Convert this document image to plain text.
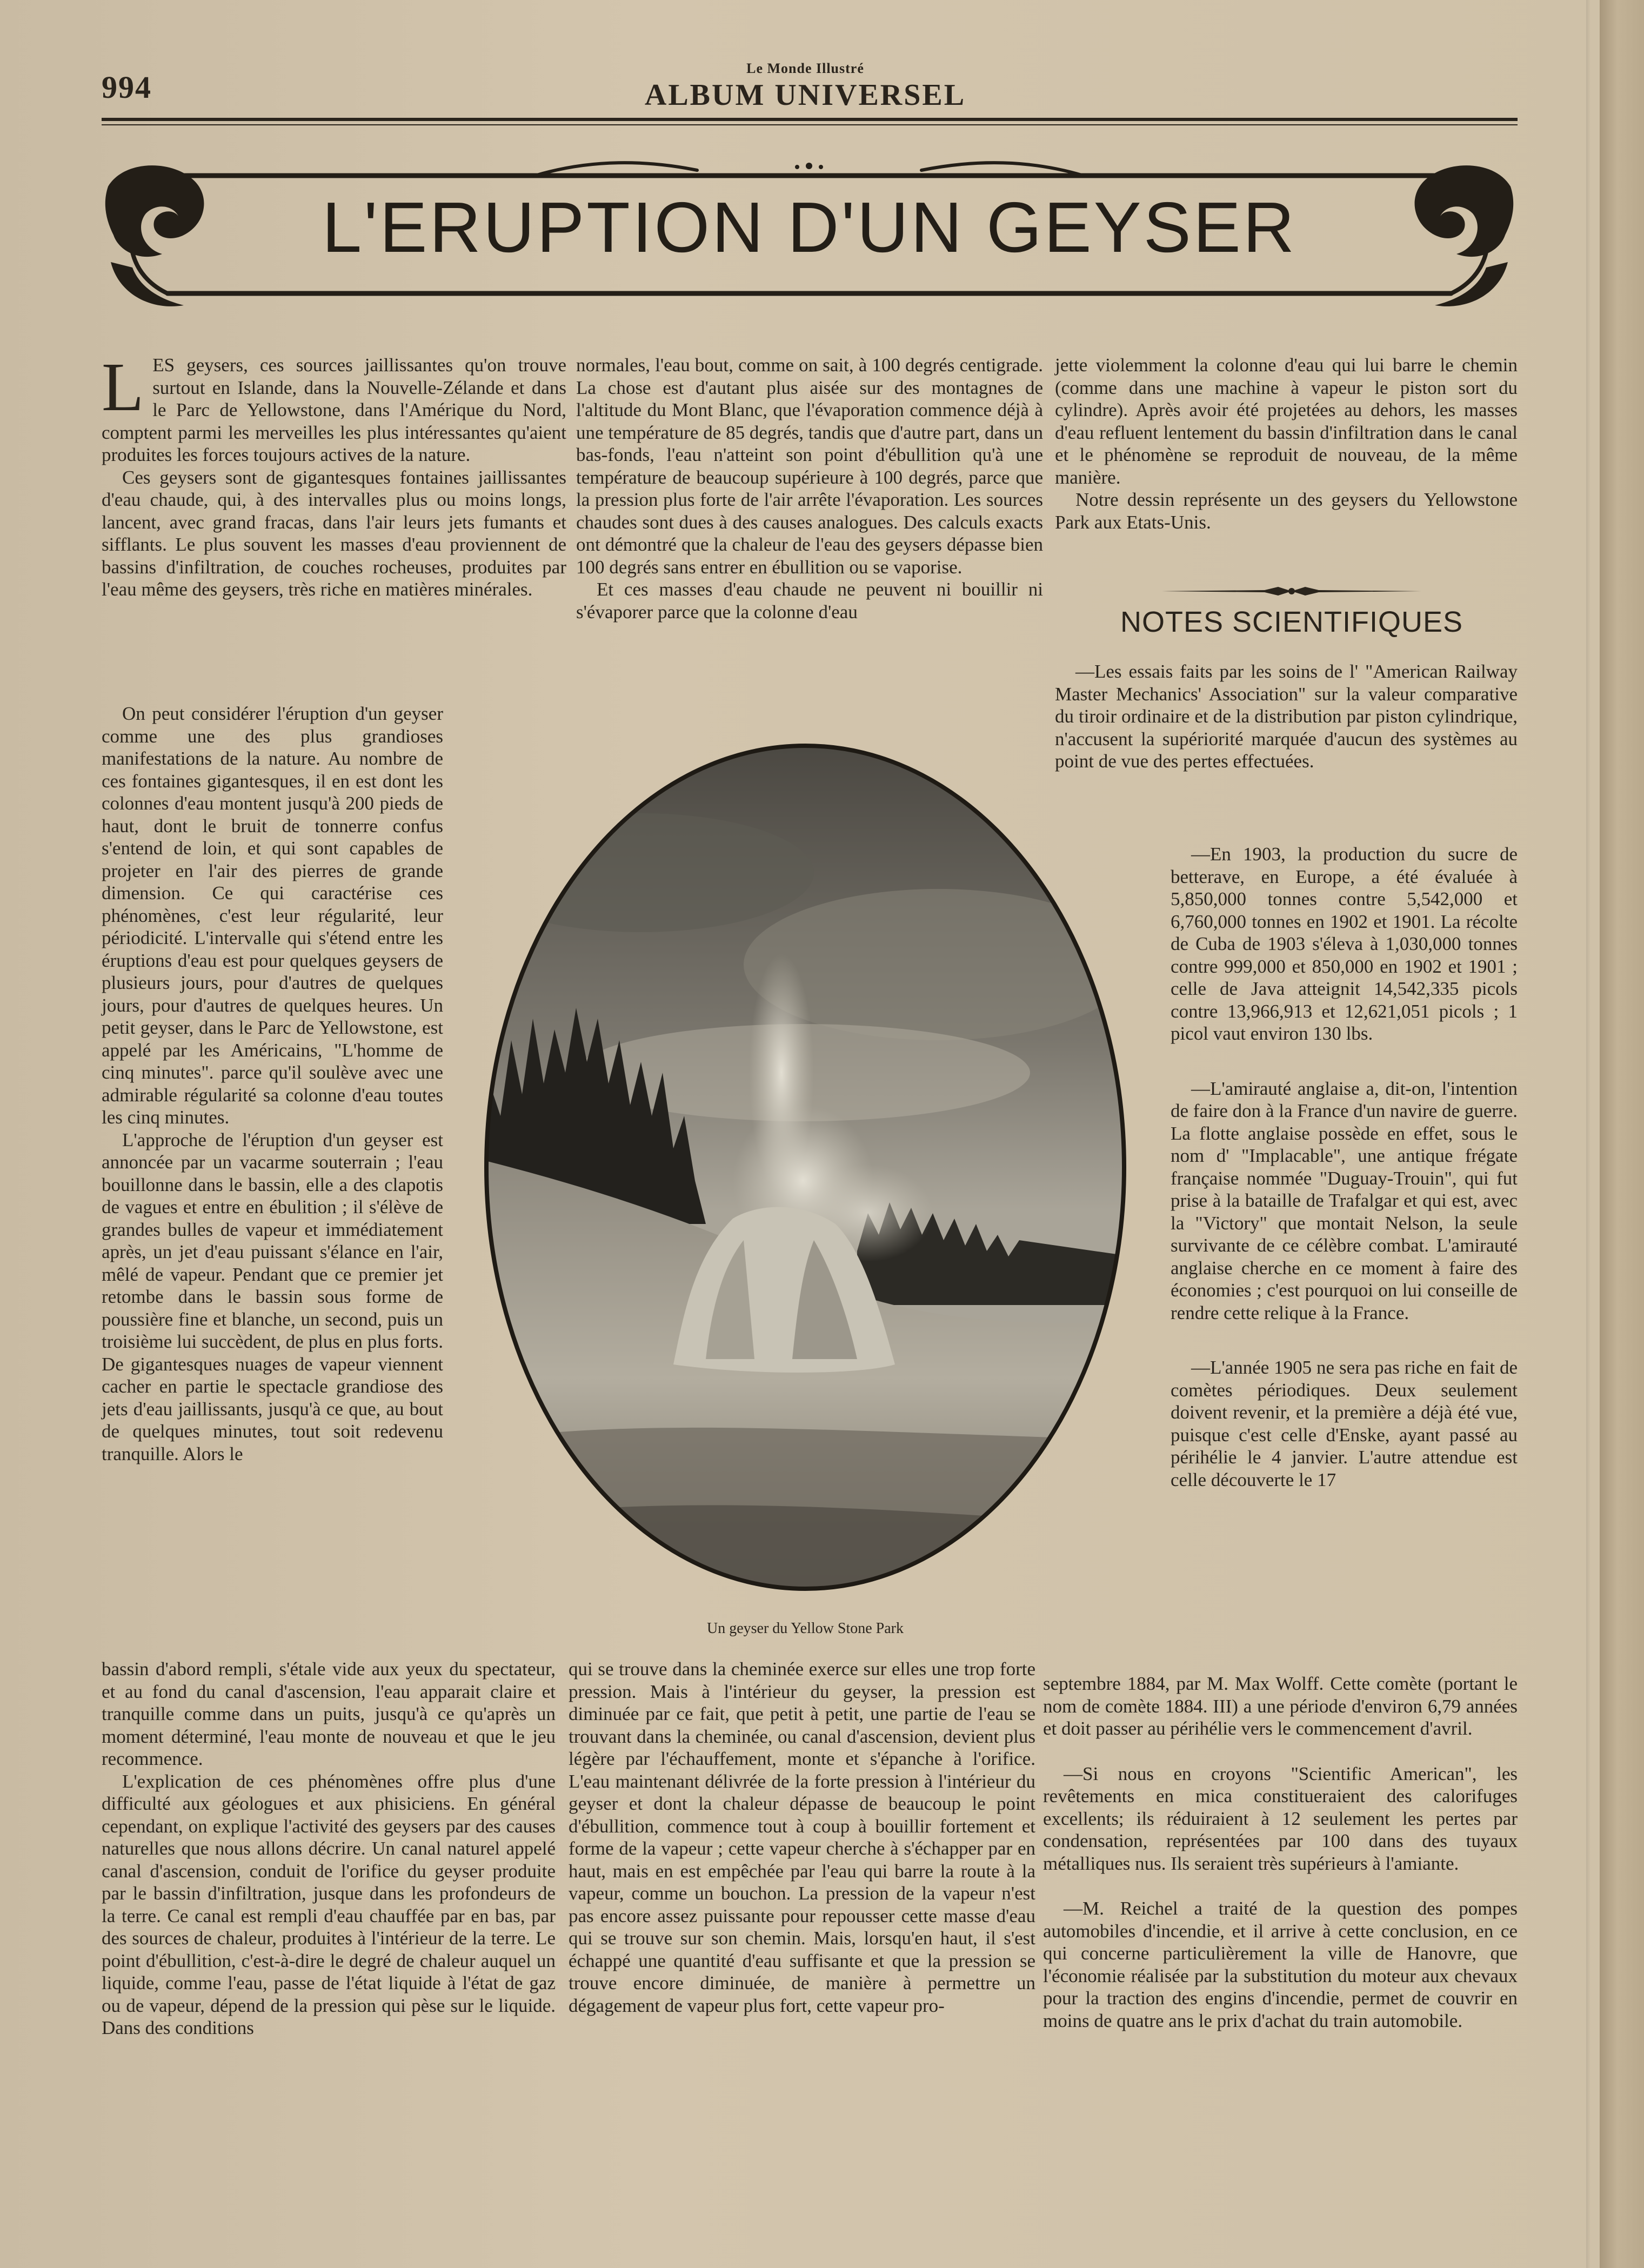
994
Le Monde Illustré
ALBUM UNIVERSEL
L'ERUPTION D'UN GEYSER

LES geysers, ces sources jaillissantes qu'on trouve surtout en Islande, dans la Nouvelle-Zélande et dans le Parc de Yellowstone, dans l'Amérique du Nord, comptent parmi les merveilles les plus intéressantes qu'aient produites les forces toujours actives de la nature.

Ces geysers sont de gigantesques fontaines jaillissantes d'eau chaude, qui, à des intervalles plus ou moins longs, lancent, avec grand fracas, dans l'air leurs jets fumants et sifflants. Le plus souvent les masses d'eau proviennent de bassins d'infiltration, de couches rocheuses, produites par l'eau même des geysers, très riche en matières minérales.

On peut considérer l'éruption d'un geyser comme une des plus grandioses manifestations de la nature. Au nombre de ces fontaines gigantesques, il en est dont les colonnes d'eau montent jusqu'à 200 pieds de haut, dont le bruit de tonnerre confus s'entend de loin, et qui sont capables de projeter en l'air des pierres de grande dimension. Ce qui caractérise ces phénomènes, c'est leur régularité, leur périodicité. L'intervalle qui s'étend entre les éruptions d'eau est pour quelques geysers de plusieurs jours, pour d'autres de quelques jours, pour d'autres de quelques heures. Un petit geyser, dans le Parc de Yellowstone, est appelé par les Américains, "L'homme de cinq minutes". parce qu'il soulève avec une admirable régularité sa colonne d'eau toutes les cinq minutes.

L'approche de l'éruption d'un geyser est annoncée par un vacarme souterrain ; l'eau bouillonne dans le bassin, elle a des clapotis de vagues et entre en ébulition ; il s'élève de grandes bulles de vapeur et immédiatement après, un jet d'eau puissant s'élance en l'air, mêlé de vapeur. Pendant que ce premier jet retombe dans le bassin sous forme de poussière fine et blanche, un second, puis un troisième lui succèdent, de plus en plus forts. De gigantesques nuages de vapeur viennent cacher en partie le spectacle grandiose des jets d'eau jaillissants, jusqu'à ce que, au bout de quelques minutes, tout soit redevenu tranquille. Alors le

bassin d'abord rempli, s'étale vide aux yeux du spectateur, et au fond du canal d'ascension, l'eau apparait claire et tranquille comme dans un puits, jusqu'à ce qu'après un moment déterminé, l'eau monte de nouveau et que le jeu recommence.

L'explication de ces phénomènes offre plus d'une difficulté aux géologues et aux phisiciens. En général cependant, on explique l'activité des geysers par des causes naturelles que nous allons décrire. Un canal naturel appelé canal d'ascension, conduit de l'orifice du geyser produite par le bassin d'infiltration, jusque dans les profondeurs de la terre. Ce canal est rempli d'eau chauffée par en bas, par des sources de chaleur, produites à l'intérieur de la terre. Le point d'ébullition, c'est-à-dire le degré de chaleur auquel un liquide, comme l'eau, passe de l'état liquide à l'état de gaz ou de vapeur, dépend de la pression qui pèse sur le liquide. Dans des conditions

normales, l'eau bout, comme on sait, à 100 degrés centigrade. La chose est d'autant plus aisée sur des montagnes de l'altitude du Mont Blanc, que l'évaporation commence déjà à une température de 85 degrés, tandis que d'autre part, dans un bas-fonds, l'eau n'atteint son point d'ébullition qu'à une température de beaucoup supérieure à 100 degrés, parce que la pression plus forte de l'air arrête l'évaporation. Les sources chaudes sont dues à des causes analogues. Des calculs exacts ont démontré que la chaleur de l'eau des geysers dépasse bien 100 degrés sans entrer en ébullition ou se vaporise.

Et ces masses d'eau chaude ne peuvent ni bouillir ni s'évaporer parce que la colonne d'eau

qui se trouve dans la cheminée exerce sur elles une trop forte pression. Mais à l'intérieur du geyser, la pression est diminuée par ce fait, que petit à petit, une partie de l'eau se trouvant dans la cheminée, ou canal d'ascension, devient plus légère par l'échauffement, monte et s'épanche à l'orifice. L'eau maintenant délivrée de la forte pression à l'intérieur du geyser et dont la chaleur dépasse de beaucoup le point d'ébullition, commence tout à coup à bouillir fortement et forme de la vapeur ; cette vapeur cherche à s'échapper par en haut, mais en est empêchée par l'eau qui barre la route à la vapeur, comme un bouchon. La pression de la vapeur n'est pas encore assez puissante pour repousser cette masse d'eau qui se trouve sur son chemin. Mais, lorsqu'en haut, il s'est échappé une quantité d'eau suffisante et que la pression se trouve encore diminuée, de manière à permettre un dégagement de vapeur plus fort, cette vapeur pro-

jette violemment la colonne d'eau qui lui barre le chemin (comme dans une machine à vapeur le piston sort du cylindre). Après avoir été projetées au dehors, les masses d'eau refluent lentement du bassin d'infiltration dans le canal et le phénomène se reproduit de nouveau, de la même manière.

Notre dessin représente un des geysers du Yellowstone Park aux Etats-Unis.

NOTES SCIENTIFIQUES

—Les essais faits par les soins de l' "American Railway Master Mechanics' Association" sur la valeur comparative du tiroir ordinaire et de la distribution par piston cylindrique, n'accusent la supériorité marquée d'aucun des systèmes au point de vue des pertes effectuées.

—En 1903, la production du sucre de betterave, en Europe, a été évaluée à 5,850,000 tonnes contre 5,542,000 et 6,760,000 tonnes en 1902 et 1901. La récolte de Cuba de 1903 s'éleva à 1,030,000 tonnes contre 999,000 et 850,000 en 1902 et 1901 ; celle de Java atteignit 14,542,335 picols contre 13,966,913 et 12,621,051 picols ; 1 picol vaut environ 130 lbs.

—L'amirauté anglaise a, dit-on, l'intention de faire don à la France d'un navire de guerre. La flotte anglaise possède en effet, sous le nom d' "Implacable", une antique frégate française nommée "Duguay-Trouin", qui fut prise à la bataille de Trafalgar et qui est, avec la "Victory" que montait Nelson, la seule survivante de ce célèbre combat. L'amirauté anglaise cherche en ce moment à faire des économies ; c'est pourquoi on lui conseille de rendre cette relique à la France.

—L'année 1905 ne sera pas riche en fait de comètes périodiques. Deux seulement doivent revenir, et la première a déjà été vue, puisque c'est celle d'Enske, ayant passé au périhélie le 4 janvier. L'autre attendue est celle découverte le 17

septembre 1884, par M. Max Wolff. Cette comète (portant le nom de comète 1884. III) a une période d'environ 6,79 années et doit passer au périhélie vers le commencement d'avril.

—Si nous en croyons "Scientific American", les revêtements en mica constitueraient des calorifuges excellents; ils réduiraient à 12 seulement les pertes par condensation, représentées par 100 dans des tuyaux métalliques nus. Ils seraient très supérieurs à l'amiante.

—M. Reichel a traité de la question des pompes automobiles d'incendie, et il arrive à cette conclusion, en ce qui concerne particulièrement la ville de Hanovre, que l'économie réalisée par la substitution du moteur aux chevaux pour la traction des engins d'incendie, permet de couvrir en moins de quatre ans le prix d'achat du train automobile.

Un geyser du Yellow Stone Park
